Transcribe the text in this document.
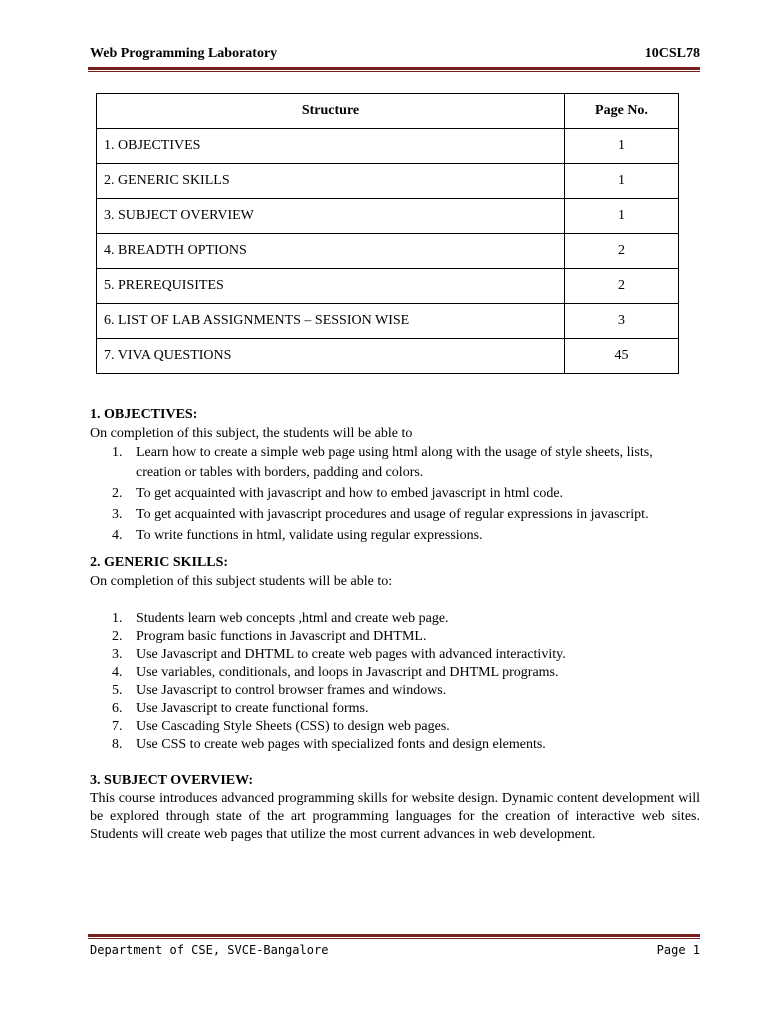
Web Programming Laboratory	10CSL78
Structure	Page No.
1. OBJECTIVES	1
2. GENERIC SKILLS	1
3. SUBJECT OVERVIEW	1
4. BREADTH OPTIONS	2
5. PREREQUISITES	2
6. LIST OF LAB ASSIGNMENTS – SESSION WISE	3
7. VIVA QUESTIONS	45
1. OBJECTIVES:

On completion of this subject, the students will be able to

1. Learn how to create a simple web page using html along with the usage of style sheets, lists, creation or tables with borders, padding and colors.
2. To get acquainted with javascript and how to embed javascript in html code.
3. To get acquainted with javascript procedures and usage of regular expressions in javascript.
4. To write functions in html, validate using regular expressions.
2. GENERIC SKILLS:

On completion of this subject students will be able to:

1. Students learn web concepts ,html and create web page.
2. Program basic functions in Javascript and DHTML.
3. Use Javascript and DHTML to create web pages with advanced interactivity.
4. Use variables, conditionals, and loops in Javascript and DHTML programs.
5. Use Javascript to control browser frames and windows.
6. Use Javascript to create functional forms.
7. Use Cascading Style Sheets (CSS) to design web pages.
8. Use CSS to create web pages with specialized fonts and design elements.
3. SUBJECT OVERVIEW:

This course introduces advanced programming skills for website design. Dynamic content development will be explored through state of the art programming languages for the creation of interactive web sites. Students will create web pages that utilize the most current advances in web development.

Department of CSE, SVCE-Bangalore	Page 1
